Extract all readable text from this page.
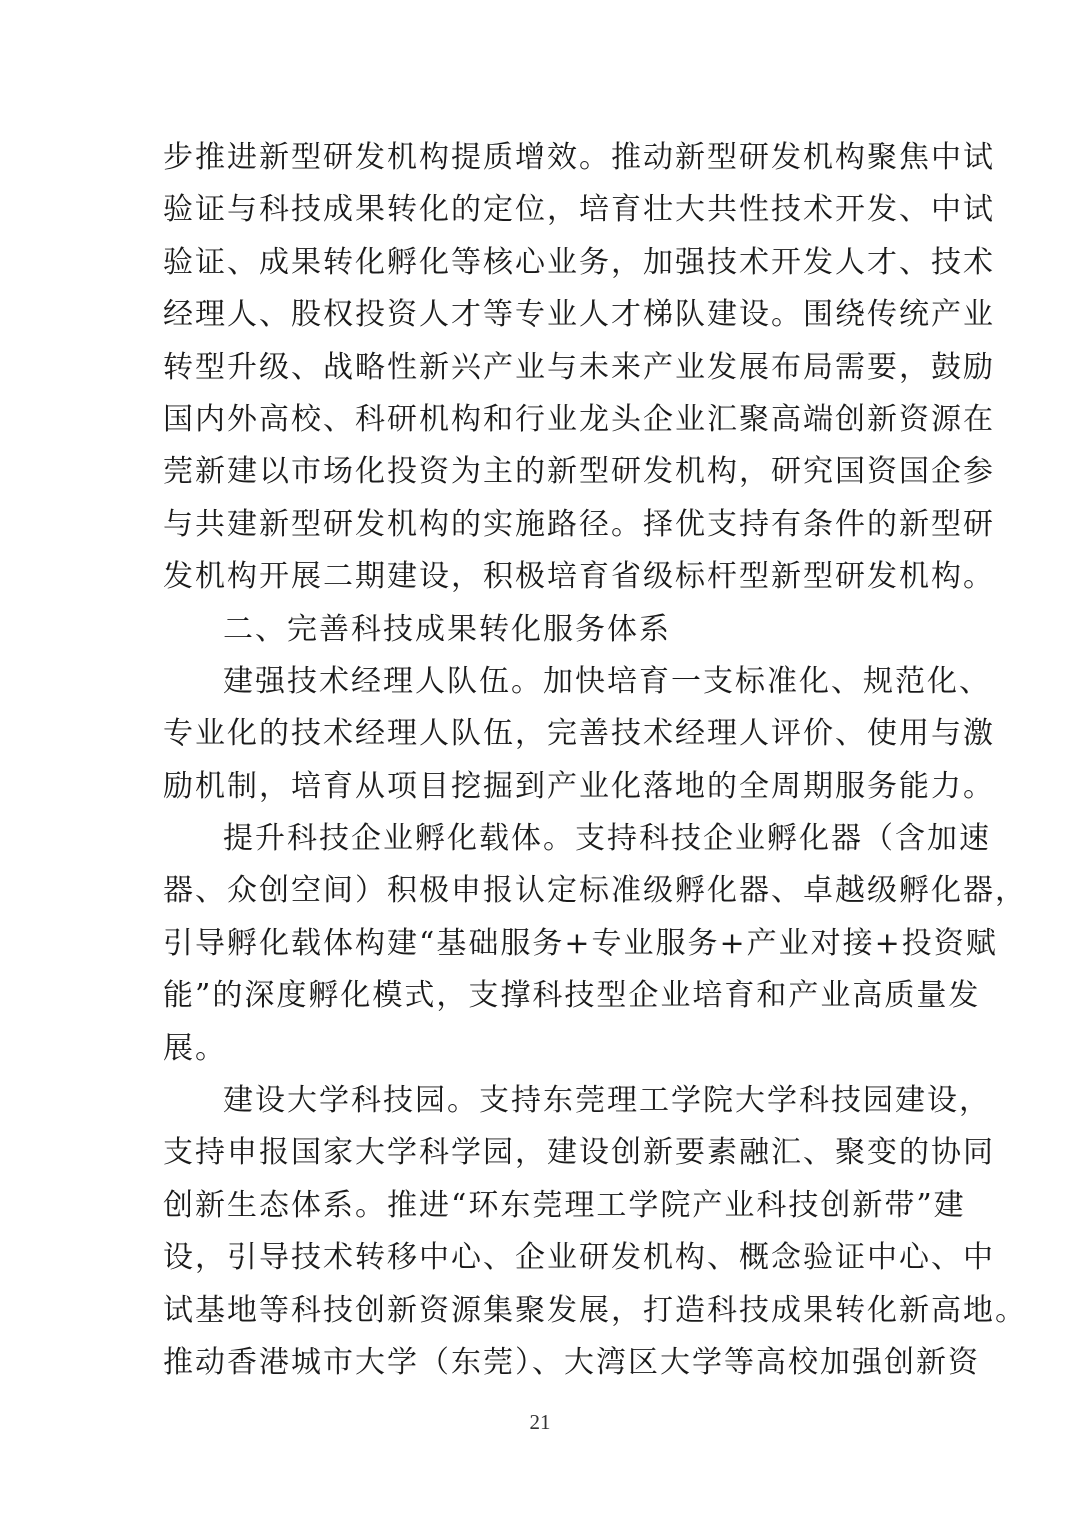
步推进新型研发机构提质增效。推动新型研发机构聚焦中试
验证与科技成果转化的定位，培育壮大共性技术开发、中试
验证、成果转化孵化等核心业务，加强技术开发人才、技术
经理人、股权投资人才等专业人才梯队建设。围绕传统产业
转型升级、战略性新兴产业与未来产业发展布局需要，鼓励
国内外高校、科研机构和行业龙头企业汇聚高端创新资源在
莞新建以市场化投资为主的新型研发机构，研究国资国企参
与共建新型研发机构的实施路径。择优支持有条件的新型研
发机构开展二期建设，积极培育省级标杆型新型研发机构。
二、完善科技成果转化服务体系
建强技术经理人队伍。加快培育一支标准化、规范化、
专业化的技术经理人队伍，完善技术经理人评价、使用与激
励机制，培育从项目挖掘到产业化落地的全周期服务能力。
提升科技企业孵化载体。支持科技企业孵化器（含加速
器、众创空间）积极申报认定标准级孵化器、卓越级孵化器，
引导孵化载体构建“基础服务+专业服务+产业对接+投资赋
能”的深度孵化模式，支撑科技型企业培育和产业高质量发
展。
建设大学科技园。支持东莞理工学院大学科技园建设，
支持申报国家大学科学园，建设创新要素融汇、聚变的协同
创新生态体系。推进“环东莞理工学院产业科技创新带”建
设，引导技术转移中心、企业研发机构、概念验证中心、中
试基地等科技创新资源集聚发展，打造科技成果转化新高地。
推动香港城市大学（东莞）、大湾区大学等高校加强创新资
21
